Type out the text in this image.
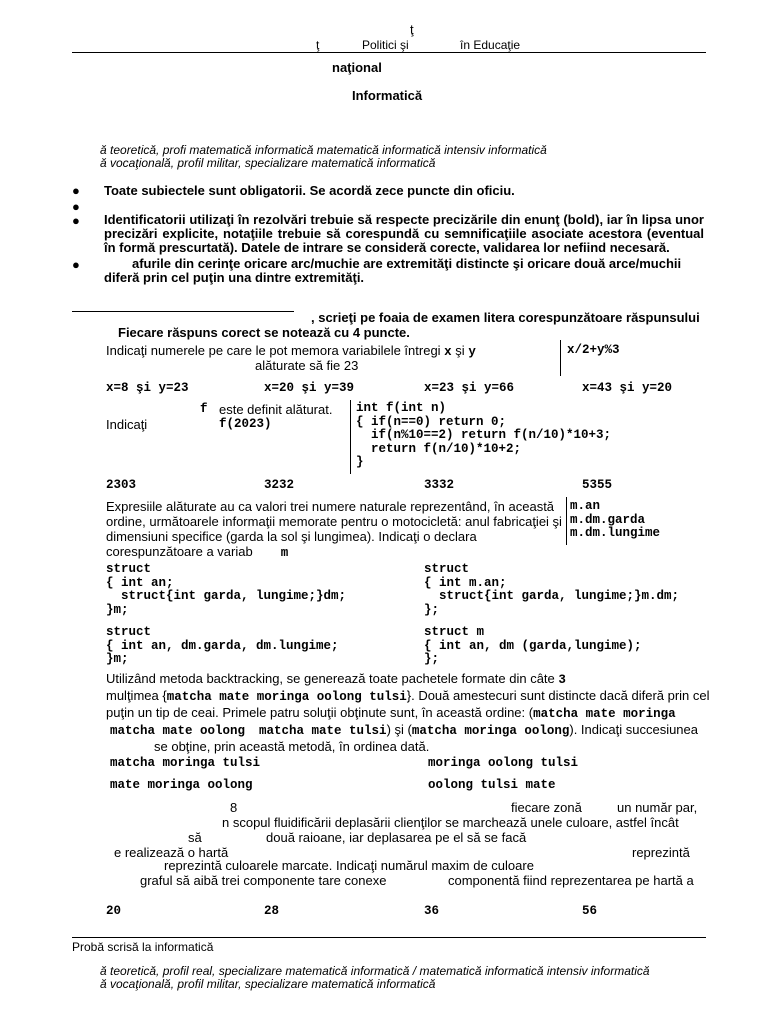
ţ
ţ	Politici şi	în Educaţie
naţional
Informatică
ă teoretică, profi matematică informatică matematică informatică intensiv informatică
ă vocaţională, profil militar, specializare matematică informatică
● Toate subiectele sunt obligatorii. Se acordă zece puncte din oficiu.
●
● Identificatorii utilizaţi în rezolvări trebuie să respecte precizările din enunţ (bold), iar în lipsa unor precizări explicite, notaţiile trebuie să corespundă cu semnificaţiile asociate acestora (eventual în formă prescurtată). Datele de intrare se consideră corecte, validarea lor nefiind necesară.
●	afurile din cerinţe oricare arc/muchie are extremităţi distincte şi oricare două arce/muchii diferă prin cel puţin una dintre extremităţi.
, scrieţi pe foaia de examen litera corespunzătoare răspunsului
Fiecare răspuns corect se notează cu 4 puncte.
Indicaţi numerele pe care le pot memora variabilele întregi x şi y
alăturate să fie 23
x/2+y%3
x=8 şi y=23	x=20 şi y=39	x=23 şi y=66	x=43 şi y=20
f este definit alăturat.
Indicaţi	f(2023)
int f(int n)
{ if(n==0) return 0;
if(n%10==2) return f(n/10)*10+3;
return f(n/10)*10+2;
}
2303	3232	3332	5355
Expresiile alăturate au ca valori trei numere naturale reprezentând, în această
ordine, următoarele informaţii memorate pentru o motocicletă: anul fabricaţiei şi
dimensiuni specifice (garda la sol şi lungimea). Indicaţi o declara
corespunzătoare a variab m
m.an
m.dm.garda
m.dm.lungime
struct
{ int an;
struct{int garda, lungime;}dm;
}m;
struct
{ int m.an;
struct{int garda, lungime;}m.dm;
};
struct
{ int an, dm.garda, dm.lungime;
}m;
struct m
{ int an, dm (garda,lungime);
};
Utilizând metoda backtracking, se generează toate pachetele formate din câte 3
mulţimea {matcha mate moringa oolong tulsi}. Două amestecuri sunt distincte dacă diferă prin cel
puţin un tip de ceai. Primele patru soluţii obţinute sunt, în această ordine: (matcha mate moringa
matcha mate oolong matcha mate tulsi) şi (matcha moringa oolong). Indicaţi succesiunea
se obţine, prin această metodă, în ordinea dată.
matcha moringa tulsi	moringa oolong tulsi
mate moringa oolong	oolong tulsi mate
8	fiecare zonă	un număr par,
n scopul fluidificării deplasării clienţilor se marchează unele culoare, astfel încât
să	două raioane, iar deplasarea pe el să se facă
e realizează o hartă	reprezintă
reprezintă culoarele marcate. Indicaţi numărul maxim de culoare
graful să aibă trei componente tare conexe	componentă fiind reprezentarea pe hartă a
20	28	36	56
Probă scrisă la informatică
ă teoretică, profil real, specializare matematică informatică / matematică informatică intensiv informatică
ă vocaţională, profil militar, specializare matematică informatică
